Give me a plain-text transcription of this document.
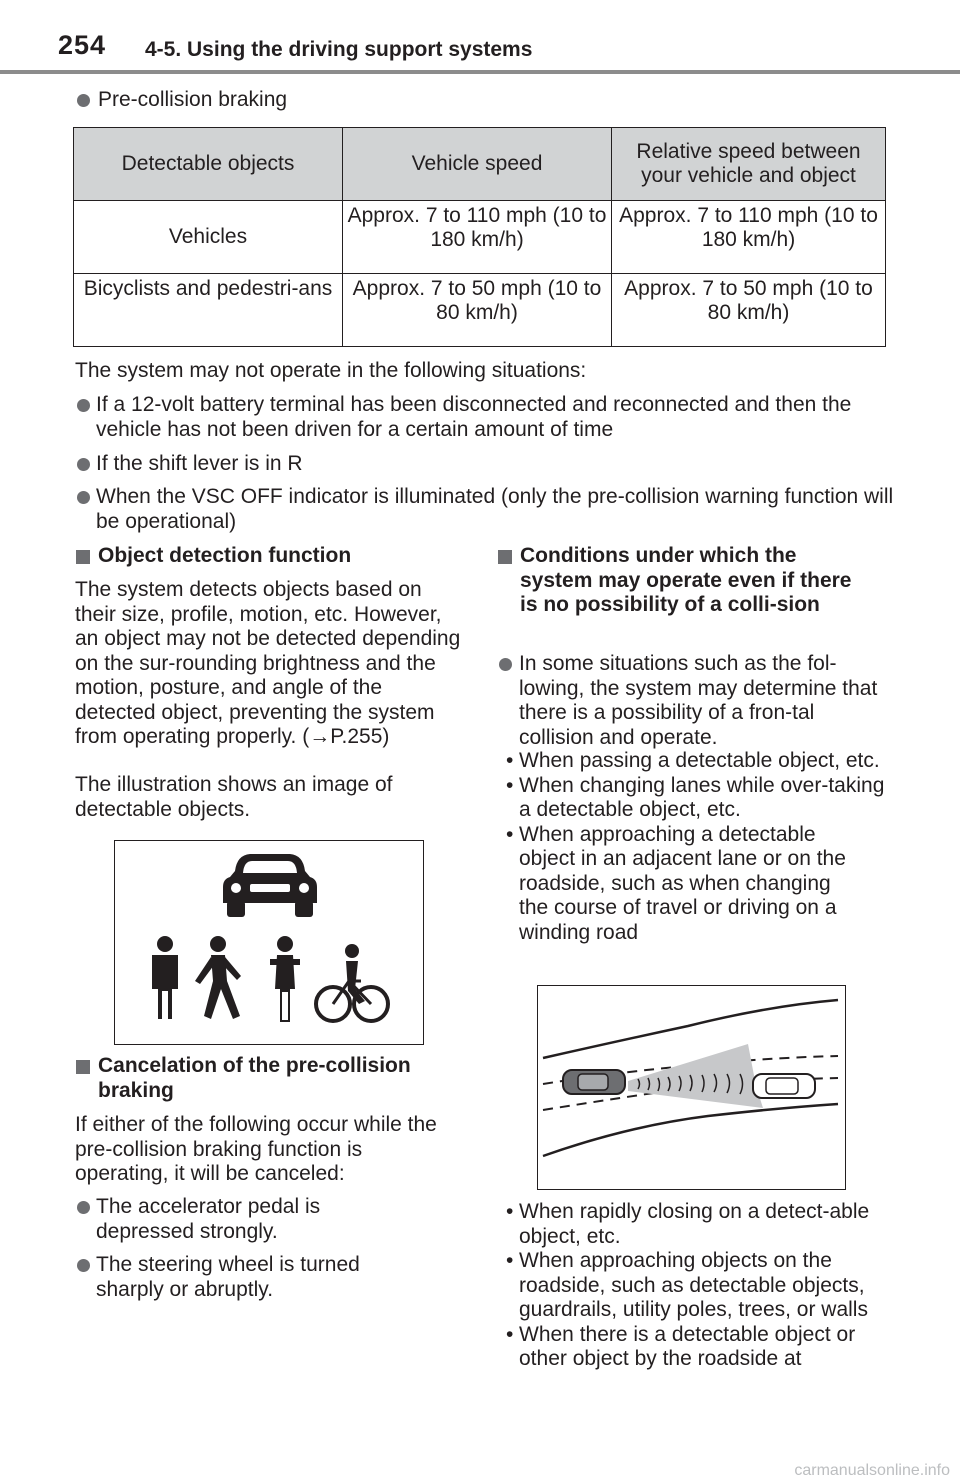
254 4-5. Using the driving support systems
Pre-collision braking
Detectable objects	Vehicle speed	Relative speed between your vehicle and object
Vehicles	Approx. 7 to 110 mph (10 to 180 km/h)	Approx. 7 to 110 mph (10 to 180 km/h)
Bicyclists and pedestri-ans	Approx. 7 to 50 mph (10 to 80 km/h)	Approx. 7 to 50 mph (10 to 80 km/h)
The system may not operate in the following situations:
If a 12-volt battery terminal has been disconnected and reconnected and then the vehicle has not been driven for a certain amount of time
If the shift lever is in R
When the VSC OFF indicator is illuminated (only the pre-collision warning function will be operational)
Object detection function
The system detects objects based on their size, profile, motion, etc. However, an object may not be detected depending on the sur-rounding brightness and the motion, posture, and angle of the detected object, preventing the system from operating properly. (→P.255)
The illustration shows an image of detectable objects.
Cancelation of the pre-collision braking
If either of the following occur while the pre-collision braking function is operating, it will be canceled:
The accelerator pedal is depressed strongly.
The steering wheel is turned sharply or abruptly.
Conditions under which the system may operate even if there is no possibility of a colli-sion
In some situations such as the fol-lowing, the system may determine that there is a possibility of a fron-tal collision and operate.
• When passing a detectable object, etc.
• When changing lanes while over-taking a detectable object, etc.
• When approaching a detectable object in an adjacent lane or on the roadside, such as when changing the course of travel or driving on a winding road
• When rapidly closing on a detect-able object, etc.
• When approaching objects on the roadside, such as detectable objects, guardrails, utility poles, trees, or walls
• When there is a detectable object or other object by the roadside at
carmanualsonline.info
